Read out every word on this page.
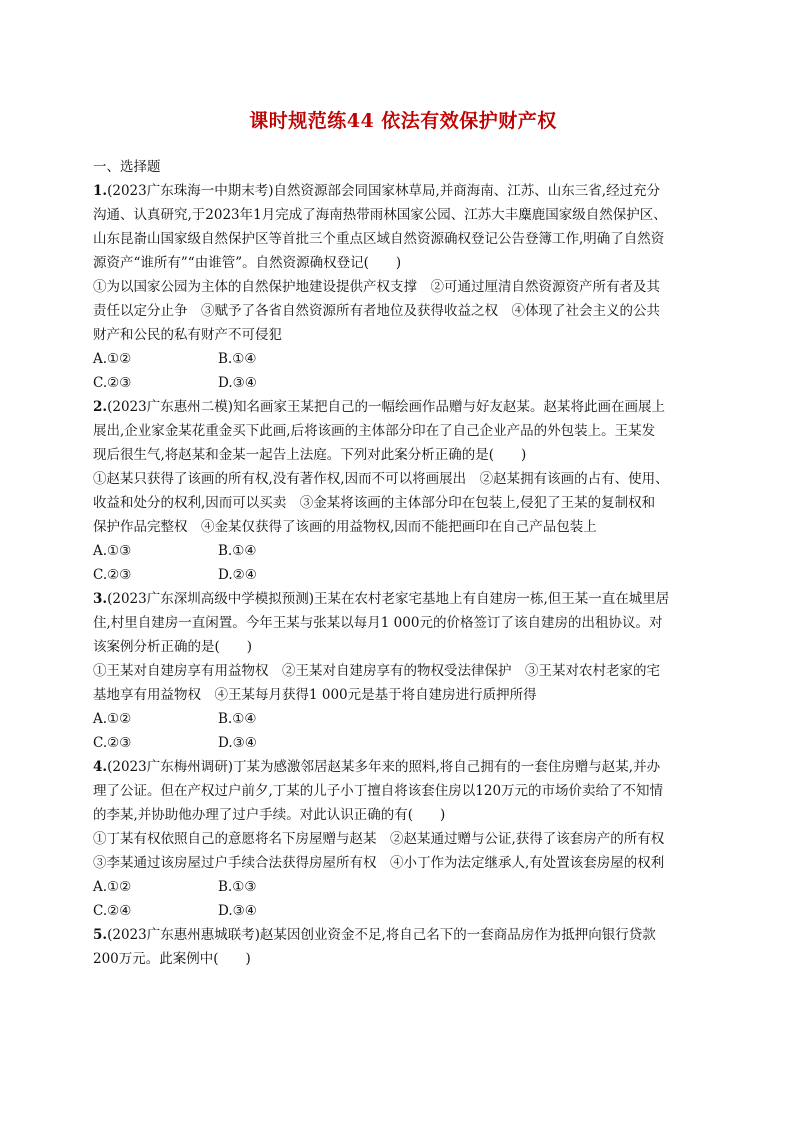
课时规范练44 依法有效保护财产权
一、选择题
1.(2023广东珠海一中期末考)自然资源部会同国家林草局,并商海南、江苏、山东三省,经过充分
沟通、认真研究,于2023年1月完成了海南热带雨林国家公园、江苏大丰麋鹿国家级自然保护区、
山东昆嵛山国家级自然保护区等首批三个重点区域自然资源确权登记公告登簿工作,明确了自然资
源资产“谁所有”“由谁管”。自然资源确权登记(　　)
①为以国家公园为主体的自然保护地建设提供产权支撑　②可通过厘清自然资源资产所有者及其
责任以定分止争　③赋予了各省自然资源所有者地位及获得收益之权　④体现了社会主义的公共
财产和公民的私有财产不可侵犯
A.①②	B.①④
C.②③	D.③④
2.(2023广东惠州二模)知名画家王某把自己的一幅绘画作品赠与好友赵某。赵某将此画在画展上
展出,企业家金某花重金买下此画,后将该画的主体部分印在了自己企业产品的外包装上。王某发
现后很生气,将赵某和金某一起告上法庭。下列对此案分析正确的是(　　)
①赵某只获得了该画的所有权,没有著作权,因而不可以将画展出　②赵某拥有该画的占有、使用、
收益和处分的权利,因而可以买卖　③金某将该画的主体部分印在包装上,侵犯了王某的复制权和
保护作品完整权　④金某仅获得了该画的用益物权,因而不能把画印在自己产品包装上
A.①③	B.①④
C.②③	D.②④
3.(2023广东深圳高级中学模拟预测)王某在农村老家宅基地上有自建房一栋,但王某一直在城里居
住,村里自建房一直闲置。今年王某与张某以每月1 000元的价格签订了该自建房的出租协议。对
该案例分析正确的是(　　)
①王某对自建房享有用益物权　②王某对自建房享有的物权受法律保护　③王某对农村老家的宅
基地享有用益物权　④王某每月获得1 000元是基于将自建房进行质押所得
A.①②	B.①④
C.②③	D.③④
4.(2023广东梅州调研)丁某为感激邻居赵某多年来的照料,将自己拥有的一套住房赠与赵某,并办
理了公证。但在产权过户前夕,丁某的儿子小丁擅自将该套住房以120万元的市场价卖给了不知情
的李某,并协助他办理了过户手续。对此认识正确的有(　　)
①丁某有权依照自己的意愿将名下房屋赠与赵某　②赵某通过赠与公证,获得了该套房产的所有权
③李某通过该房屋过户手续合法获得房屋所有权　④小丁作为法定继承人,有处置该套房屋的权利
A.①②	B.①③
C.②④	D.③④
5.(2023广东惠州惠城联考)赵某因创业资金不足,将自己名下的一套商品房作为抵押向银行贷款
200万元。此案例中(　　)
